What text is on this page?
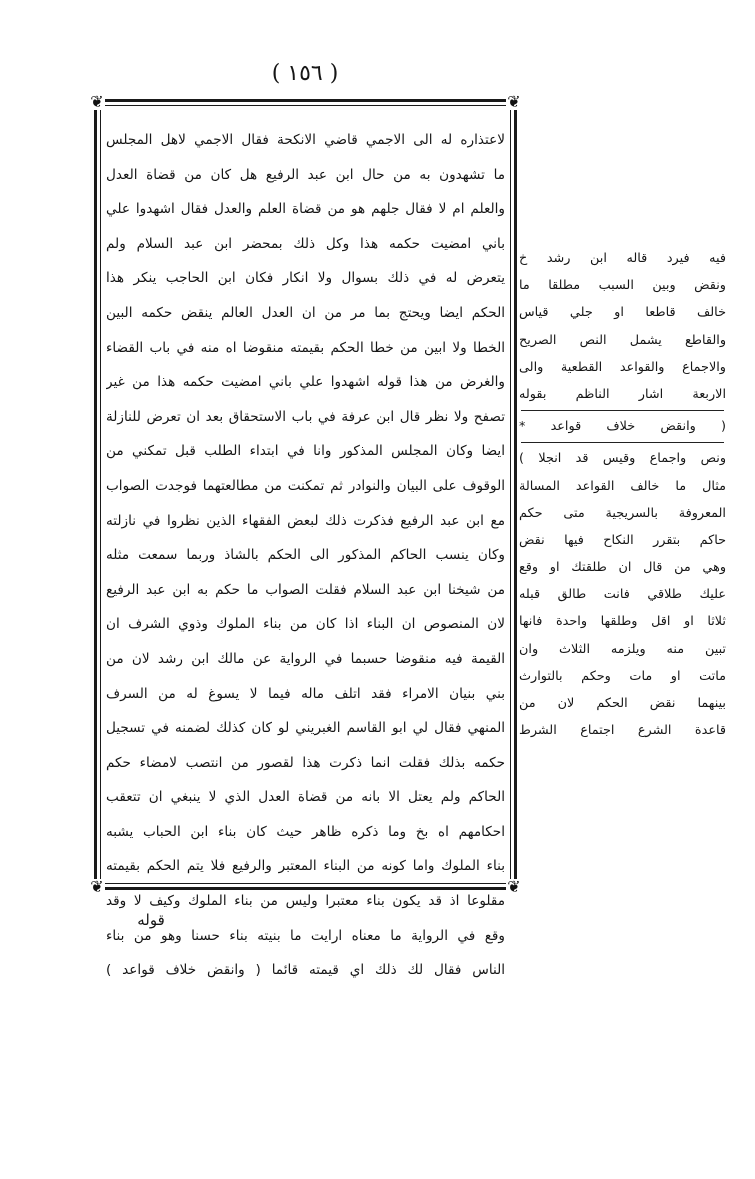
( ١٥٦ )
❦	❦
❦	❦
لاعتذاره له الى الاجمي قاضي الانكحة فقال الاجمي لاهل المجلس
ما تشهدون به من حال ابن عبد الرفيع هل كان من قضاة العدل
والعلم ام لا فقال جلهم هو من قضاة العلم والعدل فقال اشهدوا علي
باني امضيت حكمه هذا وكل ذلك بمحضر ابن عبد السلام ولم
يتعرض له في ذلك بسوال ولا انكار فكان ابن الحاجب ينكر هذا
الحكم ايضا ويحتج بما مر من ان العدل العالم ينقض حكمه البين
الخطا ولا ابين من خطا الحكم بقيمته منقوضا اه منه في باب القضاء
والغرض من هذا قوله اشهدوا علي باني امضيت حكمه هذا من غير
تصفح ولا نظر قال ابن عرفة في باب الاستحقاق بعد ان تعرض للنازلة
ايضا وكان المجلس المذكور وانا في ابتداء الطلب قبل تمكني من
الوقوف على البيان والنوادر ثم تمكنت من مطالعتهما فوجدت الصواب
مع ابن عبد الرفيع فذكرت ذلك لبعض الفقهاء الذين نظروا في نازلته
وكان ينسب الحاكم المذكور الى الحكم بالشاذ وربما سمعت مثله
من شيخنا ابن عبد السلام فقلت الصواب ما حكم به ابن عبد الرفيع
لان المنصوص ان البناء اذا كان من بناء الملوك وذوي الشرف ان
القيمة فيه منقوضا حسبما في الرواية عن مالك ابن رشد لان من
بني بنيان الامراء فقد اتلف ماله فيما لا يسوغ له من السرف
المنهي فقال لي ابو القاسم الغبريني لو كان كذلك لضمنه في تسجيل
حكمه بذلك فقلت انما ذكرت هذا لقصور من انتصب لامضاء حكم
الحاكم ولم يعتل الا بانه من قضاة العدل الذي لا ينبغي ان تتعقب
احكامهم اه بخ وما ذكره ظاهر حيث كان بناء ابن الحباب يشبه
بناء الملوك واما كونه من البناء المعتبر والرفيع فلا يتم الحكم بقيمته
مقلوعا اذ قد يكون بناء معتبرا وليس من بناء الملوك وكيف لا وقد
وقع في الرواية ما معناه ارايت ما بنيته بناء حسنا وهو من بناء
الناس فقال لك ذلك اي قيمته قائما ( وانقض خلاف قواعد )
فيه فيرد قاله ابن رشد خ
ونقض وبين السبب مطلقا ما
خالف قاطعا او جلي قياس
والقاطع يشمل النص الصريح
والاجماع والقواعد القطعية والى
الاربعة اشار الناظم بقوله
( وانقض خلاف قواعد *
ونص واجماع وقيس قد انجلا )
مثال ما خالف القواعد المسالة
المعروفة بالسريجية متى حكم
حاكم بتقرر النكاح فيها نقض
وهي من قال ان طلقتك او وقع
عليك طلاقي فانت طالق قبله
ثلاثا او اقل وطلقها واحدة فانها
تبين منه ويلزمه الثلاث وان
ماتت او مات وحكم بالتوارث
بينهما نقض الحكم لان من
قاعدة الشرع اجتماع الشرط
قوله
